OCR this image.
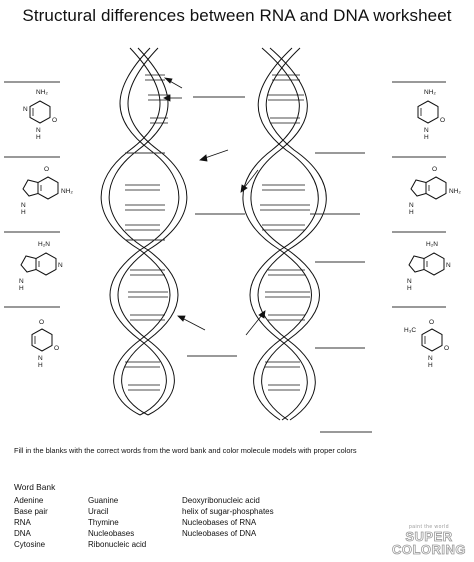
Structural differences between RNA and DNA worksheet
NH₂
O
N
H
N
O
NH₂
N
H
H₂N
N
N
H
O
O
N
H
NH₂
O
N
H
O
NH₂
N
H
H₂N
N
N
H
O
H₃C
O
N
H
Fill in the blanks with the correct words from the word bank and color molecule models with proper colors
Word Bank
Adenine
Base pair
RNA
DNA
Cytosine
Guanine
Uracil
Thymine
Nucleobases
Ribonucleic acid
Deoxyribonucleic acid
helix of sugar-phosphates
Nucleobases of RNA
Nucleobases of DNA
paint the world
SUPER
COLORING
